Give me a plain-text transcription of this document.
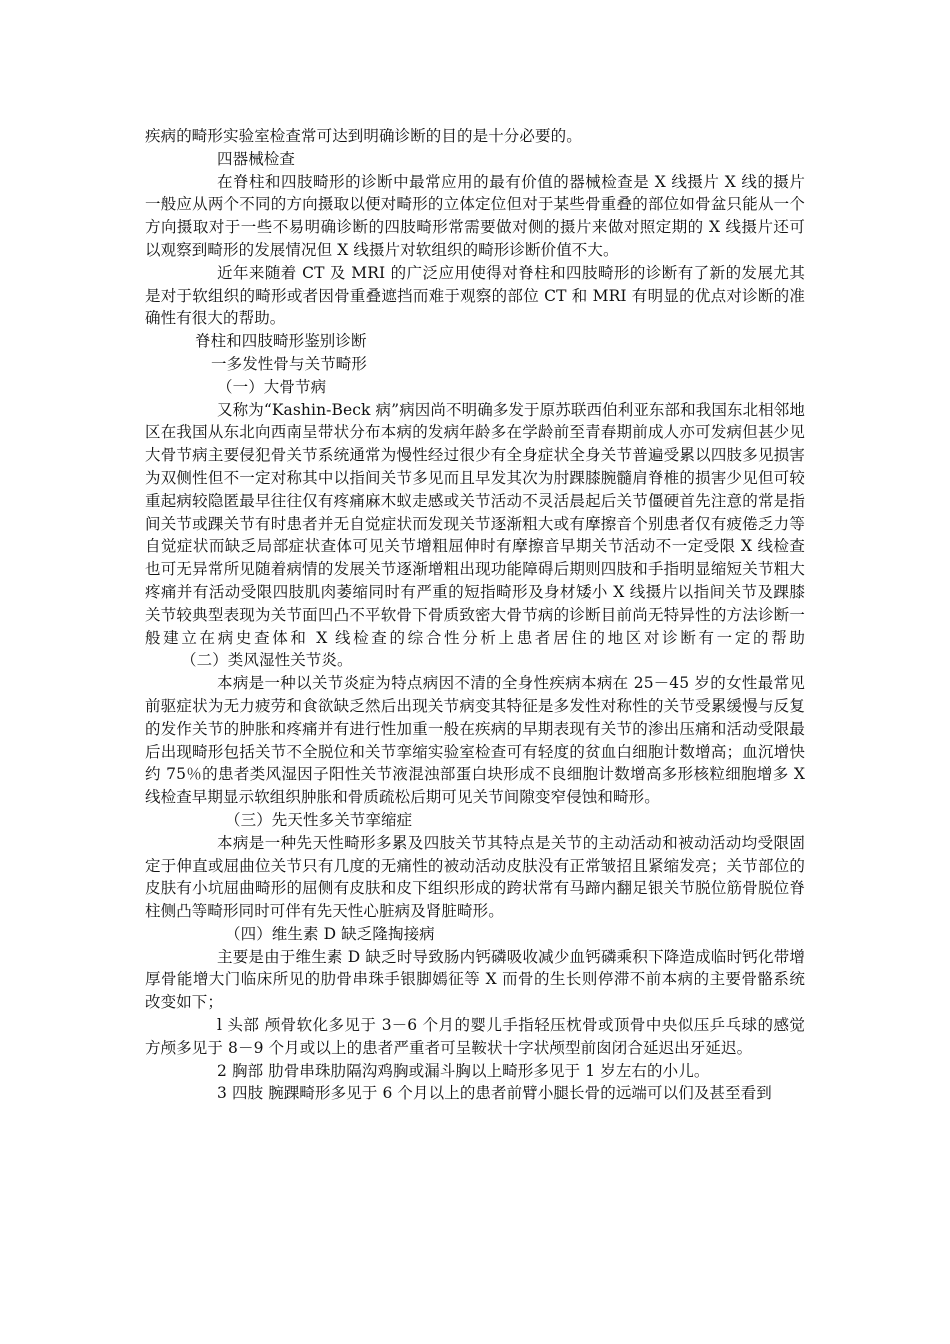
疾病的畸形实验室检查常可达到明确诊断的目的是十分必要的。

四器械检查

在脊柱和四肢畸形的诊断中最常应用的最有价值的器械检查是 X 线摄片 X 线的摄片一般应从两个不同的方向摄取以便对畸形的立体定位但对于某些骨重叠的部位如骨盆只能从一个方向摄取对于一些不易明确诊断的四肢畸形常需要做对侧的摄片来做对照定期的 X 线摄片还可以观察到畸形的发展情况但 X 线摄片对软组织的畸形诊断价值不大。

近年来随着 CT 及 MRI 的广泛应用使得对脊柱和四肢畸形的诊断有了新的发展尤其是对于软组织的畸形或者因骨重叠遮挡而难于观察的部位 CT 和 MRI 有明显的优点对诊断的准确性有很大的帮助。

脊柱和四肢畸形鉴别诊断

一多发性骨与关节畸形

（一）大骨节病

又称为“Kashin-Beck 病”病因尚不明确多发于原苏联西伯利亚东部和我国东北相邻地区在我国从东北向西南呈带状分布本病的发病年龄多在学龄前至青春期前成人亦可发病但甚少见大骨节病主要侵犯骨关节系统通常为慢性经过很少有全身症状全身关节普遍受累以四肢多见损害为双侧性但不一定对称其中以指间关节多见而且早发其次为肘踝膝腕髓肩脊椎的损害少见但可较重起病较隐匿最早往往仅有疼痛麻木蚁走感或关节活动不灵活晨起后关节僵硬首先注意的常是指间关节或踝关节有时患者并无自觉症状而发现关节逐渐粗大或有摩擦音个别患者仅有疲倦乏力等自觉症状而缺乏局部症状查体可见关节增粗屈伸时有摩擦音早期关节活动不一定受限 X 线检查也可无异常所见随着病情的发展关节逐渐增粗出现功能障碍后期则四肢和手指明显缩短关节粗大疼痛并有活动受限四肢肌肉萎缩同时有严重的短指畸形及身材矮小 X 线摄片以指间关节及踝膝关节较典型表现为关节面凹凸不平软骨下骨质致密大骨节病的诊断目前尚无特异性的方法诊断一般建立在病史查体和 X 线检查的综合性分析上患者居住的地区对诊断有一定的帮助（二）类风湿性关节炎。

本病是一种以关节炎症为特点病因不清的全身性疾病本病在 25－45 岁的女性最常见前驱症状为无力疲劳和食欲缺乏然后出现关节病变其特征是多发性对称性的关节受累缓慢与反复的发作关节的肿胀和疼痛并有进行性加重一般在疾病的早期表现有关节的渗出压痛和活动受限最后出现畸形包括关节不全脱位和关节挛缩实验室检查可有轻度的贫血白细胞计数增高；血沉增快约 75％的患者类风湿因子阳性关节液混浊部蛋白块形成不良细胞计数增高多形核粒细胞增多 X 线检查早期显示软组织肿胀和骨质疏松后期可见关节间隙变窄侵蚀和畸形。

（三）先天性多关节挛缩症

本病是一种先天性畸形多累及四肢关节其特点是关节的主动活动和被动活动均受限固定于伸直或屈曲位关节只有几度的无痛性的被动活动皮肤没有正常皱招且紧缩发亮；关节部位的皮肤有小坑屈曲畸形的屈侧有皮肤和皮下组织形成的跨状常有马蹄内翻足银关节脱位筋骨脱位脊柱侧凸等畸形同时可伴有先天性心脏病及肾脏畸形。

（四）维生素 D 缺乏隆掏接病

主要是由于维生素 D 缺乏时导致肠内钙磷吸收减少血钙磷乘积下降造成临时钙化带增厚骨能增大门临床所见的肋骨串珠手银脚嫣征等 X 而骨的生长则停滞不前本病的主要骨骼系统改变如下；

l 头部 颅骨软化多见于 3－6 个月的婴儿手指轻压枕骨或顶骨中央似压乒乓球的感觉方颅多见于 8－9 个月或以上的患者严重者可呈鞍状十字状颅型前囱闭合延迟出牙延迟。

2 胸部 肋骨串珠肋隔沟鸡胸或漏斗胸以上畸形多见于 1 岁左右的小儿。

3 四肢 腕踝畸形多见于 6 个月以上的患者前臂小腿长骨的远端可以们及甚至看到
